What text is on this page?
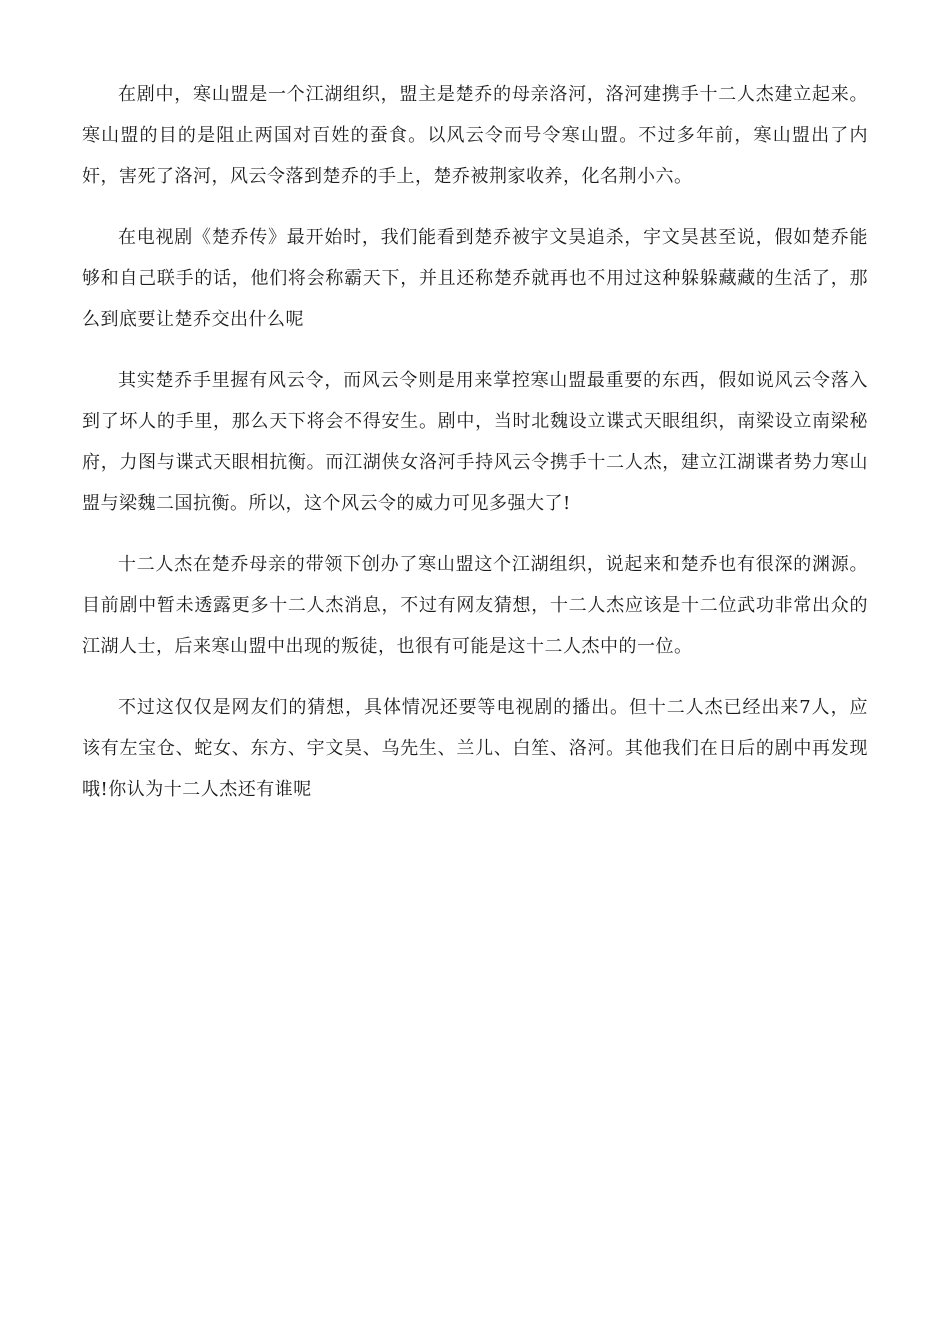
在剧中，寒山盟是一个江湖组织，盟主是楚乔的母亲洛河，洛河建携手十二人杰建立起来。寒山盟的目的是阻止两国对百姓的蚕食。以风云令而号令寒山盟。不过多年前，寒山盟出了内奸，害死了洛河，风云令落到楚乔的手上，楚乔被荆家收养，化名荆小六。

在电视剧《楚乔传》最开始时，我们能看到楚乔被宇文昊追杀，宇文昊甚至说，假如楚乔能够和自己联手的话，他们将会称霸天下，并且还称楚乔就再也不用过这种躲躲藏藏的生活了，那么到底要让楚乔交出什么呢

其实楚乔手里握有风云令，而风云令则是用来掌控寒山盟最重要的东西，假如说风云令落入到了坏人的手里，那么天下将会不得安生。剧中，当时北魏设立谍式天眼组织，南梁设立南梁秘府，力图与谍式天眼相抗衡。而江湖侠女洛河手持风云令携手十二人杰，建立江湖谍者势力寒山盟与梁魏二国抗衡。所以，这个风云令的威力可见多强大了!

十二人杰在楚乔母亲的带领下创办了寒山盟这个江湖组织，说起来和楚乔也有很深的渊源。目前剧中暂未透露更多十二人杰消息，不过有网友猜想，十二人杰应该是十二位武功非常出众的江湖人士，后来寒山盟中出现的叛徒，也很有可能是这十二人杰中的一位。

不过这仅仅是网友们的猜想，具体情况还要等电视剧的播出。但十二人杰已经出来7人，应该有左宝仓、蛇女、东方、宇文昊、乌先生、兰儿、白笙、洛河。其他我们在日后的剧中再发现哦!你认为十二人杰还有谁呢
